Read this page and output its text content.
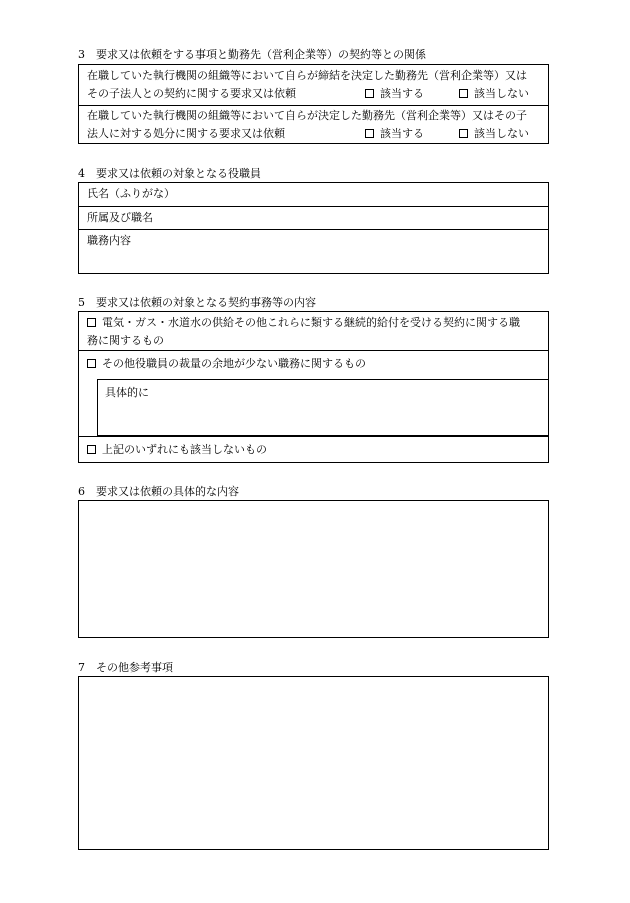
3　要求又は依頼をする事項と勤務先（営利企業等）の契約等との関係
在職していた執行機関の組織等において自らが締結を決定した勤務先（営利企業等）又は
その子法人との契約に関する要求又は依頼	該当する	該当しない
在職していた執行機関の組織等において自らが決定した勤務先（営利企業等）又はその子
法人に対する処分に関する要求又は依頼	該当する	該当しない
4　要求又は依頼の対象となる役職員
氏名（ふりがな）
所属及び職名
職務内容
5　要求又は依頼の対象となる契約事務等の内容
電気・ガス・水道水の供給その他これらに類する継続的給付を受ける契約に関する職
務に関するもの
その他役職員の裁量の余地が少ない職務に関するもの
具体的に
上記のいずれにも該当しないもの
6　要求又は依頼の具体的な内容
7　その他参考事項
